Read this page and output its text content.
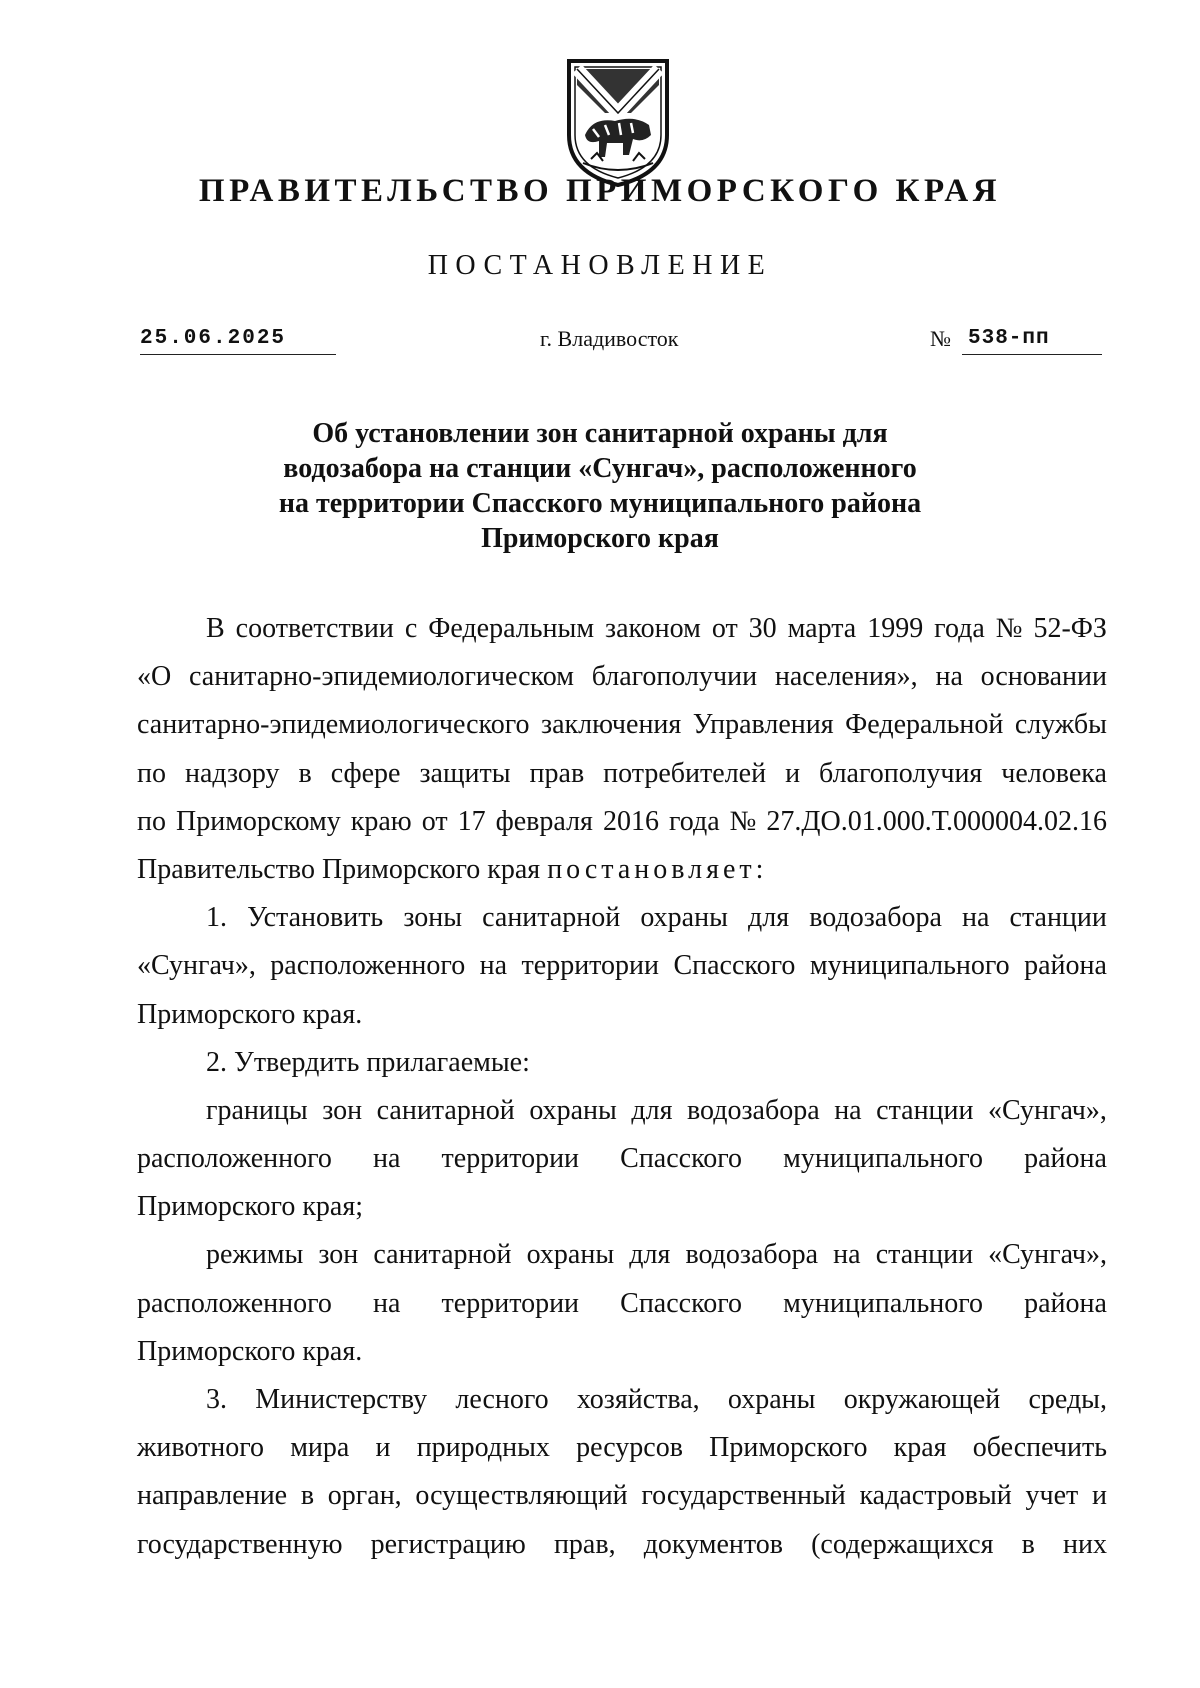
ПРАВИТЕЛЬСТВО ПРИМОРСКОГО КРАЯ
ПОСТАНОВЛЕНИЕ
25.06.2025	г. Владивосток	№ 538-пп
Об установлении зон санитарной охраны для
водозабора на станции «Сунгач», расположенного
на территории Спасского муниципального района
Приморского края
В соответствии с Федеральным законом от 30 марта 1999 года № 52-ФЗ
«О санитарно-эпидемиологическом благополучии населения», на основании
санитарно-эпидемиологического заключения Управления Федеральной службы
по надзору в сфере защиты прав потребителей и благополучия человека
по Приморскому краю от 17 февраля 2016 года № 27.ДО.01.000.Т.000004.02.16
Правительство Приморского края постановляет:
1. Установить зоны санитарной охраны для водозабора на станции
«Сунгач», расположенного на территории Спасского муниципального района
Приморского края.
2. Утвердить прилагаемые:
границы зон санитарной охраны для водозабора на станции «Сунгач»,
расположенного на территории Спасского муниципального района
Приморского края;
режимы зон санитарной охраны для водозабора на станции «Сунгач»,
расположенного на территории Спасского муниципального района
Приморского края.
3. Министерству лесного хозяйства, охраны окружающей среды,
животного мира и природных ресурсов Приморского края обеспечить
направление в орган, осуществляющий государственный кадастровый учет и
государственную регистрацию прав, документов (содержащихся в них
